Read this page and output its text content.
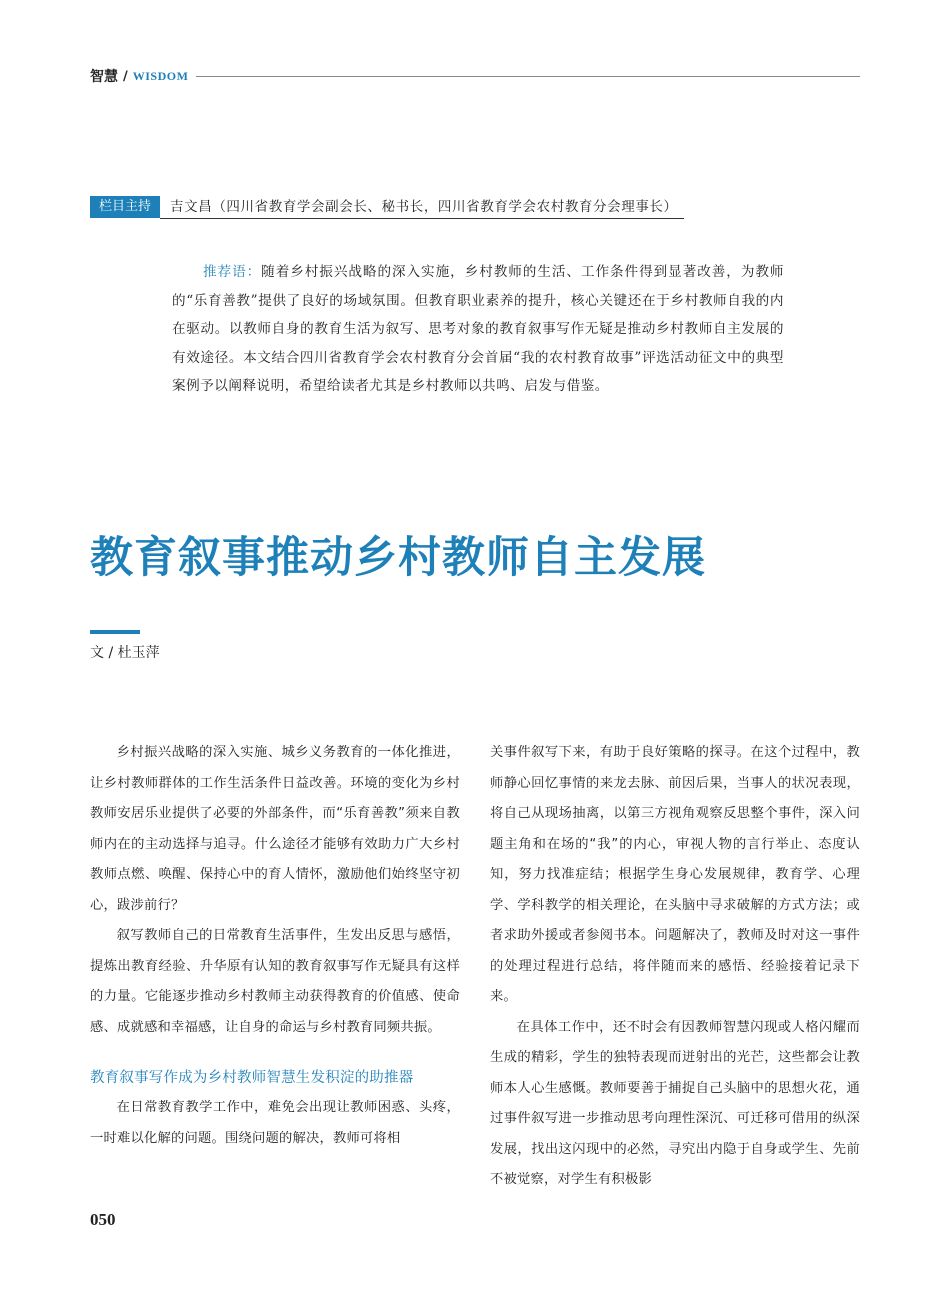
智慧 / WISDOM
栏目主持	吉文昌（四川省教育学会副会长、秘书长，四川省教育学会农村教育分会理事长）

推荐语：随着乡村振兴战略的深入实施，乡村教师的生活、工作条件得到显著改善，为教师的“乐育善教”提供了良好的场域氛围。但教育职业素养的提升，核心关键还在于乡村教师自我的内在驱动。以教师自身的教育生活为叙写、思考对象的教育叙事写作无疑是推动乡村教师自主发展的有效途径。本文结合四川省教育学会农村教育分会首届“我的农村教育故事”评选活动征文中的典型案例予以阐释说明，希望给读者尤其是乡村教师以共鸣、启发与借鉴。

教育叙事推动乡村教师自主发展
文 / 杜玉萍

乡村振兴战略的深入实施、城乡义务教育的一体化推进，让乡村教师群体的工作生活条件日益改善。环境的变化为乡村教师安居乐业提供了必要的外部条件，而“乐育善教”须来自教师内在的主动选择与追寻。什么途径才能够有效助力广大乡村教师点燃、唤醒、保持心中的育人情怀，激励他们始终坚守初心，跋涉前行？

叙写教师自己的日常教育生活事件，生发出反思与感悟，提炼出教育经验、升华原有认知的教育叙事写作无疑具有这样的力量。它能逐步推动乡村教师主动获得教育的价值感、使命感、成就感和幸福感，让自身的命运与乡村教育同频共振。

教育叙事写作成为乡村教师智慧生发积淀的助推器

在日常教育教学工作中，难免会出现让教师困惑、头疼，一时难以化解的问题。围绕问题的解决，教师可将相

关事件叙写下来，有助于良好策略的探寻。在这个过程中，教师静心回忆事情的来龙去脉、前因后果，当事人的状况表现，将自己从现场抽离，以第三方视角观察反思整个事件，深入问题主角和在场的“我”的内心，审视人物的言行举止、态度认知，努力找准症结；根据学生身心发展规律，教育学、心理学、学科教学的相关理论，在头脑中寻求破解的方式方法；或者求助外援或者参阅书本。问题解决了，教师及时对这一事件的处理过程进行总结，将伴随而来的感悟、经验接着记录下来。

在具体工作中，还不时会有因教师智慧闪现或人格闪耀而生成的精彩，学生的独特表现而迸射出的光芒，这些都会让教师本人心生感慨。教师要善于捕捉自己头脑中的思想火花，通过事件叙写进一步推动思考向理性深沉、可迁移可借用的纵深发展，找出这闪现中的必然，寻究出内隐于自身或学生、先前不被觉察，对学生有积极影

050
